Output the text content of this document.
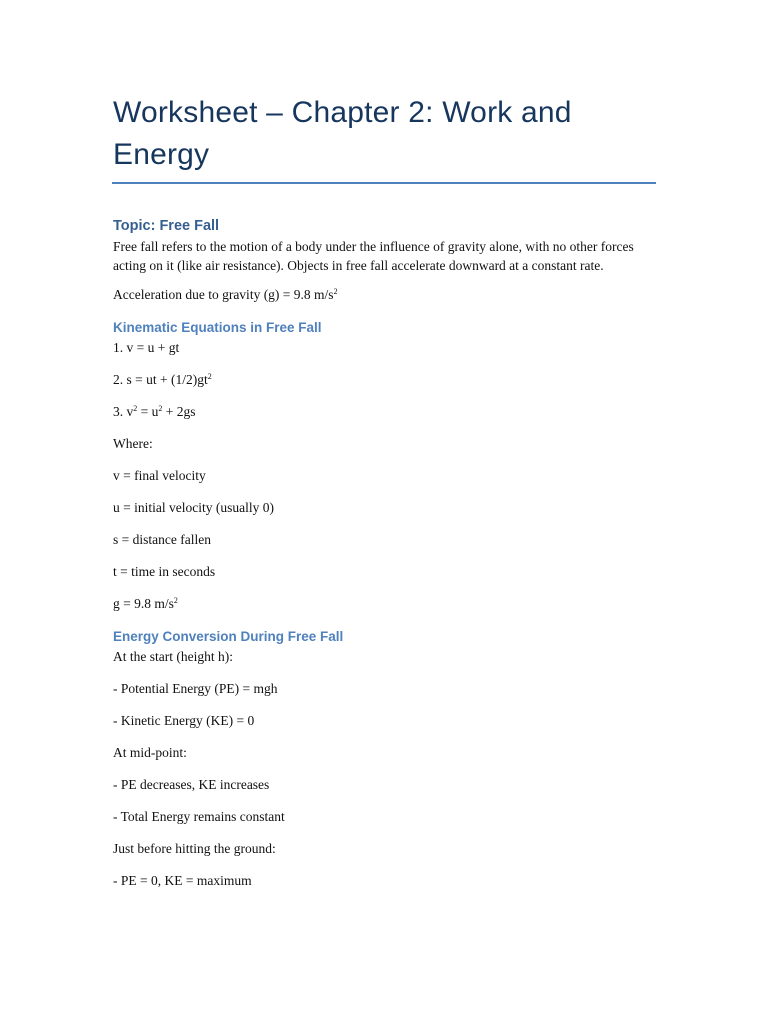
Worksheet – Chapter 2: Work and Energy
Topic: Free Fall

Free fall refers to the motion of a body under the influence of gravity alone, with no other forces acting on it (like air resistance). Objects in free fall accelerate downward at a constant rate.

Acceleration due to gravity (g) = 9.8 $m/s^2$
Kinematic Equations in Free Fall
1. v = u + gt
2. s = ut + $(1/2)gt^2$
3. $v^2 = u^2 + 2gs$
Where:
v = final velocity
u = initial velocity (usually 0)
s = distance fallen
t = time in seconds
g = 9.8 $m/s^2$
Energy Conversion During Free Fall
At the start (height h):
- Potential Energy (PE) = mgh
- Kinetic Energy (KE) = 0
At mid-point:
- PE decreases, KE increases
- Total Energy remains constant
Just before hitting the ground:
- PE = 0, KE = maximum
